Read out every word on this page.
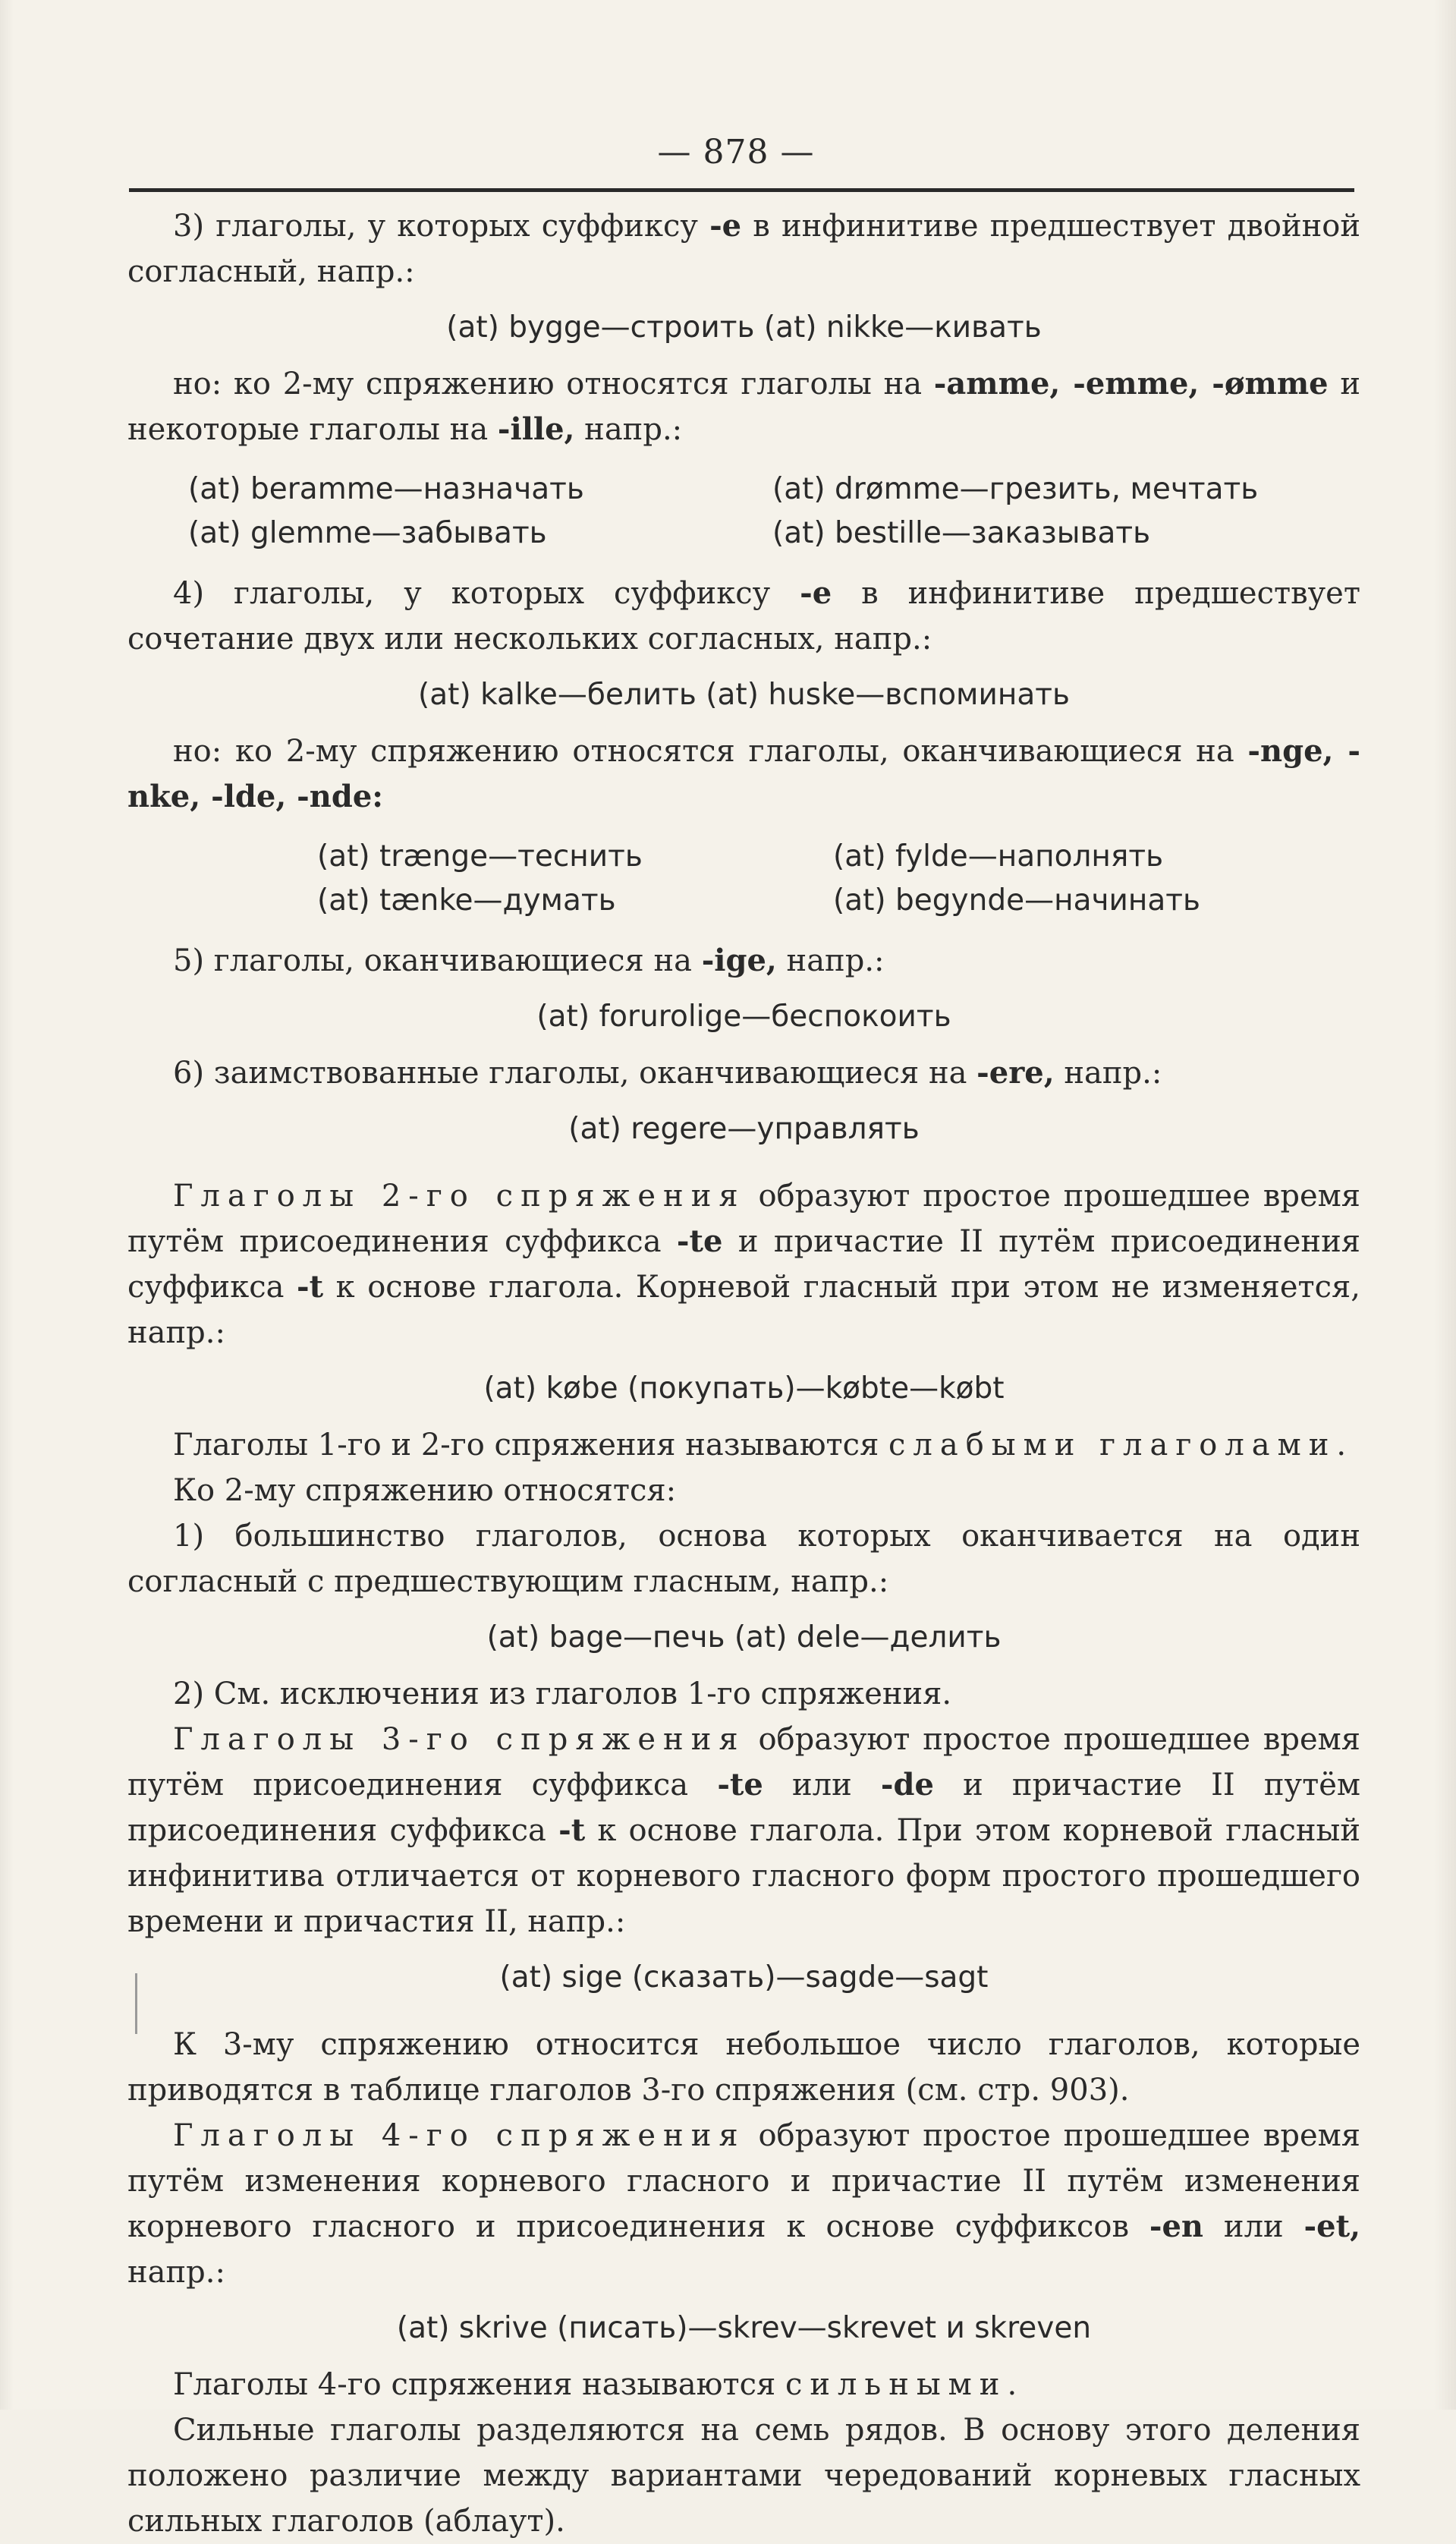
— 878 —

3) глаголы, у которых суффиксу -е в инфинитиве предшествует двойной согласный, напр.:

(at) bygge—строить (at) nikke—кивать

но: ко 2-му спряжению относятся глаголы на -amme, -emme, -ømme и некоторые глаголы на -ille, напр.:

(at) beramme—назначать	(at) drømme—грезить, мечтать
(at) glemme—забывать	(at) bestille—заказывать

4) глаголы, у которых суффиксу -е в инфинитиве предшествует сочетание двух или нескольких согласных, напр.:

(at) kalke—белить (at) huske—вспоминать

но: ко 2-му спряжению относятся глаголы, оканчивающиеся на -nge, -nke, -lde, -nde:

(at) trænge—теснить	(at) fylde—наполнять
(at) tænke—думать	(at) begynde—начинать

5) глаголы, оканчивающиеся на -ige, напр.:

(at) forurolige—беспокоить

6) заимствованные глаголы, оканчивающиеся на -ere, напр.:

(at) regere—управлять

Глаголы 2-го спряжения образуют простое прошедшее время путём присоединения суффикса -te и причастие II путём присоединения суффикса -t к основе глагола. Корневой гласный при этом не изменяется, напр.:

(at) købe (покупать)—købte—købt

Глаголы 1-го и 2-го спряжения называются слабыми глаголами.

Ко 2-му спряжению относятся:

1) большинство глаголов, основа которых оканчивается на один согласный с предшествующим гласным, напр.:

(at) bage—печь (at) dele—делить

2) См. исключения из глаголов 1-го спряжения.

Глаголы 3-го спряжения образуют простое прошедшее время путём присоединения суффикса -te или -de и причастие II путём присоединения суффикса -t к основе глагола. При этом корневой гласный инфинитива отличается от корневого гласного форм простого прошедшего времени и причастия II, напр.:

(at) sige (сказать)—sagde—sagt

К 3-му спряжению относится небольшое число глаголов, которые приводятся в таблице глаголов 3-го спряжения (см. стр. 903).

Глаголы 4-го спряжения образуют простое прошедшее время путём изменения корневого гласного и причастие II путём изменения корневого гласного и присоединения к основе суффиксов -en или -et, напр.:

(at) skrive (писать)—skrev—skrevet и skreven

Глаголы 4-го спряжения называются сильными.

Сильные глаголы разделяются на семь рядов. В основу этого деления положено различие между вариантами чередований корневых гласных сильных глаголов (аблаут).
